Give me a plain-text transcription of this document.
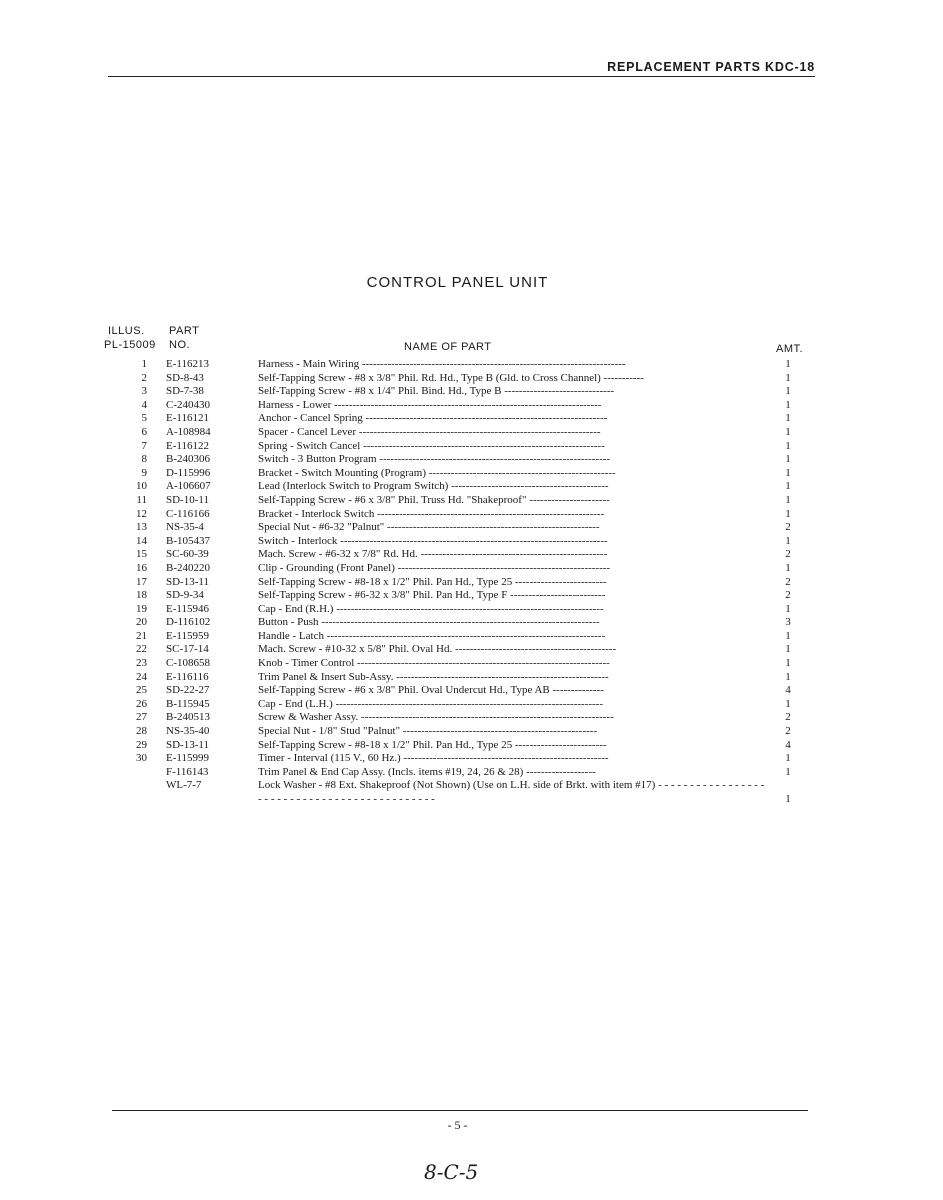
REPLACEMENT PARTS KDC-18
CONTROL PANEL UNIT
ILLUS.
PL-15009
PART
NO.	NAME OF PART	AMT.
1 E-116213	Harness - Main Wiring ------------------------------------------------------------------------	1
2 SD-8-43	Self-Tapping Screw - #8 x 3/8" Phil. Rd. Hd., Type B (Gld. to Cross Channel) -----------	1
3 SD-7-38	Self-Tapping Screw - #8 x 1/4" Phil. Bind. Hd., Type B ------------------------------	1
4 C-240430	Harness - Lower -------------------------------------------------------------------------	1
5 E-116121	Anchor - Cancel Spring ------------------------------------------------------------------	1
6 A-108984	Spacer - Cancel Lever ------------------------------------------------------------------	1
7 E-116122	Spring - Switch Cancel ------------------------------------------------------------------	1
8 B-240306	Switch - 3 Button Program ---------------------------------------------------------------	1
9 D-115996	Bracket - Switch Mounting (Program) ---------------------------------------------------	1
10 A-106607	Lead (Interlock Switch to Program Switch) -------------------------------------------	1
11 SD-10-11	Self-Tapping Screw - #6 x 3/8" Phil. Truss Hd. "Shakeproof" ----------------------	1
12 C-116166	Bracket - Interlock Switch --------------------------------------------------------------	1
13 NS-35-4	Special Nut - #6-32 "Palnut" ----------------------------------------------------------	2
14 B-105437	Switch - Interlock -------------------------------------------------------------------------	1
15 SC-60-39	Mach. Screw - #6-32 x 7/8" Rd. Hd. ---------------------------------------------------	2
16 B-240220	Clip - Grounding (Front Panel) ----------------------------------------------------------	1
17 SD-13-11	Self-Tapping Screw - #8-18 x 1/2" Phil. Pan Hd., Type 25 -------------------------	2
18 SD-9-34	Self-Tapping Screw - #6-32 x 3/8" Phil. Pan Hd., Type F --------------------------	2
19 E-115946	Cap - End (R.H.) -------------------------------------------------------------------------	1
20 D-116102	Button - Push ----------------------------------------------------------------------------	3
21 E-115959	Handle - Latch ----------------------------------------------------------------------------	1
22 SC-17-14	Mach. Screw - #10-32 x 5/8" Phil. Oval Hd. --------------------------------------------	1
23 C-108658	Knob - Timer Control ---------------------------------------------------------------------	1
24 E-116116	Trim Panel & Insert Sub-Assy. ----------------------------------------------------------	1
25 SD-22-27	Self-Tapping Screw - #6 x 3/8" Phil. Oval Undercut Hd., Type AB --------------	4
26 B-115945	Cap - End (L.H.) -------------------------------------------------------------------------	1
27 B-240513	Screw & Washer Assy. ---------------------------------------------------------------------	2
28 NS-35-40	Special Nut - 1/8" Stud "Palnut" -----------------------------------------------------	2
29 SD-13-11	Self-Tapping Screw - #8-18 x 1/2" Phil. Pan Hd., Type 25 -------------------------	4
30 E-115999	Timer - Interval (115 V., 60 Hz.) --------------------------------------------------------	1
F-116143	Trim Panel & End Cap Assy. (Incls. items #19, 24, 26 & 28) -------------------	1
WL-7-7	Lock Washer - #8 Ext. Shakeproof (Not Shown) (Use on L.H. side of Brkt. with item #17) - - - - - - - - - - - - - - - - - - - - - - - - - - - - - - - - - - - - - - - - - - - - -	1
- 5 -
8-C-5
